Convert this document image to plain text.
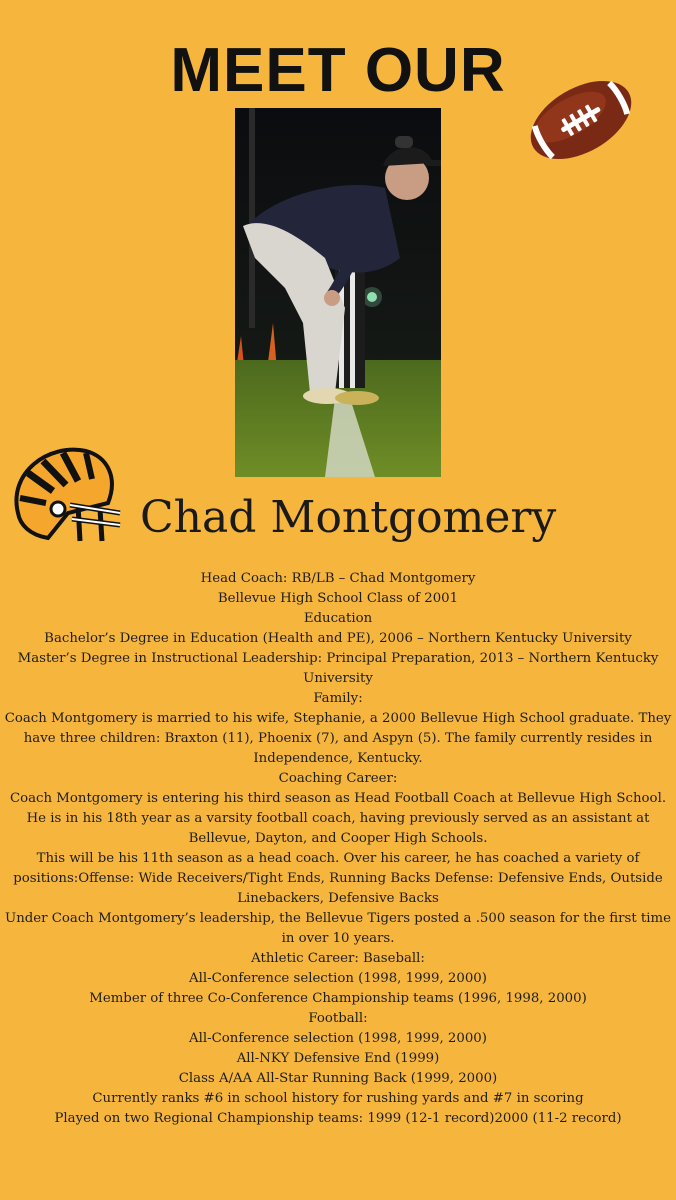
MEET OUR
Chad Montgomery

Head Coach: RB/LB – Chad Montgomery

Bellevue High School Class of 2001

Education

Bachelor’s Degree in Education (Health and PE), 2006 – Northern Kentucky University

Master’s Degree in Instructional Leadership: Principal Preparation, 2013 – Northern Kentucky University

Family:

Coach Montgomery is married to his wife, Stephanie, a 2000 Bellevue High School graduate. They have three children: Braxton (11), Phoenix (7), and Aspyn (5). The family currently resides in Independence, Kentucky.

Coaching Career:

Coach Montgomery is entering his third season as Head Football Coach at Bellevue High School. He is in his 18th year as a varsity football coach, having previously served as an assistant at Bellevue, Dayton, and Cooper High Schools.

This will be his 11th season as a head coach. Over his career, he has coached a variety of positions:Offense: Wide Receivers/Tight Ends, Running Backs Defense: Defensive Ends, Outside Linebackers, Defensive Backs

Under Coach Montgomery’s leadership, the Bellevue Tigers posted a .500 season for the first time in over 10 years.

Athletic Career: Baseball:

All-Conference selection (1998, 1999, 2000)

Member of three Co-Conference Championship teams (1996, 1998, 2000)

Football:

All-Conference selection (1998, 1999, 2000)

All-NKY Defensive End (1999)

Class A/AA All-Star Running Back (1999, 2000)

Currently ranks #6 in school history for rushing yards and #7 in scoring

Played on two Regional Championship teams: 1999 (12-1 record)2000 (11-2 record)
